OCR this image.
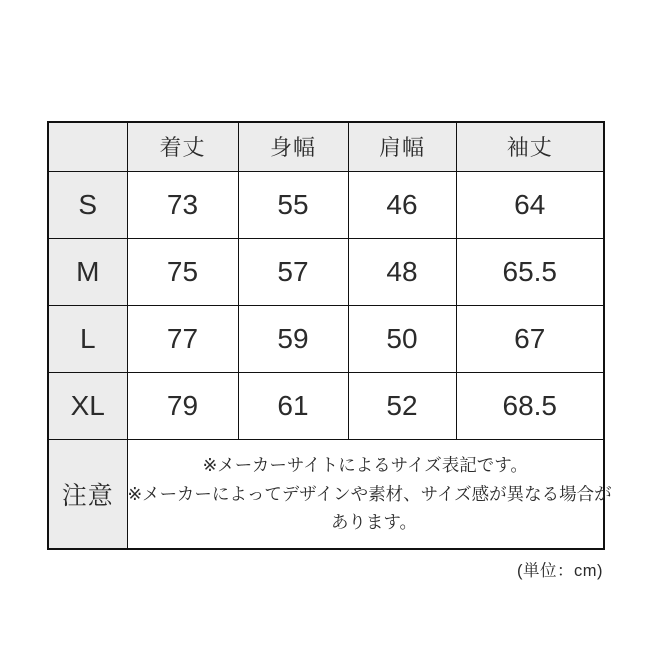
	着丈	身幅	肩幅	袖丈
S	73	55	46	64
M	75	57	48	65.5
L	77	59	50	67
XL	79	61	52	68.5
注意	※メーカーサイトによるサイズ表記です。
※メーカーによってデザインや素材、サイズ感が異なる場合が
あります。			
(単位：cm)
